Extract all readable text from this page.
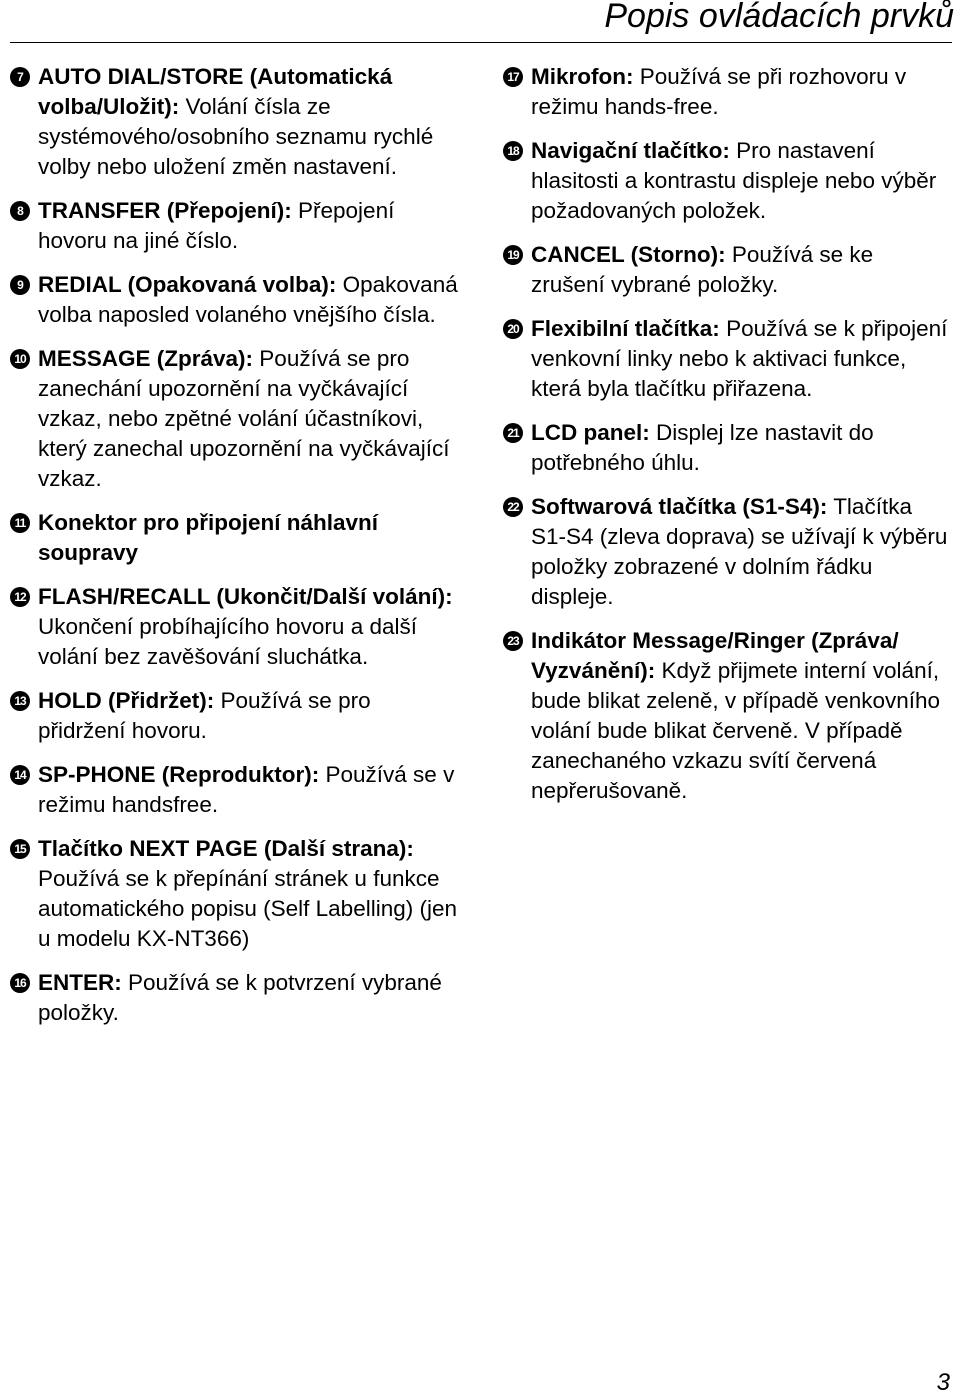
Popis ovládacích prvků
7 AUTO DIAL/STORE (Automatická volba/Uložit): Volání čísla ze systémového/osobního seznamu rychlé volby nebo uložení změn nastavení.
8 TRANSFER (Přepojení): Přepojení hovoru na jiné číslo.
9 REDIAL (Opakovaná volba): Opakovaná volba naposled volaného vnějšího čísla.
10 MESSAGE (Zpráva): Používá se pro zanechání upozornění na vyčkávající vzkaz, nebo zpětné volání účastníkovi, který zanechal upozornění na vyčkávající vzkaz.
11 Konektor pro připojení náhlavní soupravy
12 FLASH/RECALL (Ukončit/Další volání): Ukončení probíhajícího hovoru a další volání bez zavěšování sluchátka.
13 HOLD (Přidržet): Používá se pro přidržení hovoru.
14 SP-PHONE (Reproduktor): Používá se v režimu handsfree.
15 Tlačítko NEXT PAGE (Další strana): Používá se k přepínání stránek u funkce automatického popisu (Self Labelling) (jen u modelu KX-NT366)
16 ENTER: Používá se k potvrzení vybrané položky.
17 Mikrofon: Používá se při rozhovoru v režimu hands-free.
18 Navigační tlačítko: Pro nastavení hlasitosti a kontrastu displeje nebo výběr požadovaných položek.
19 CANCEL (Storno): Používá se ke zrušení vybrané položky.
20 Flexibilní tlačítka: Používá se k připojení venkovní linky nebo k aktivaci funkce, která byla tlačítku přiřazena.
21 LCD panel: Displej lze nastavit do potřebného úhlu.
22 Softwarová tlačítka (S1-S4): Tlačítka S1-S4 (zleva doprava) se užívají k výběru položky zobrazené v dolním řádku displeje.
23 Indikátor Message/Ringer (Zpráva/ Vyzvánění): Když přijmete interní volání, bude blikat zeleně, v případě venkovního volání bude blikat červeně. V případě zanechaného vzkazu svítí červená nepřerušovaně.
3
